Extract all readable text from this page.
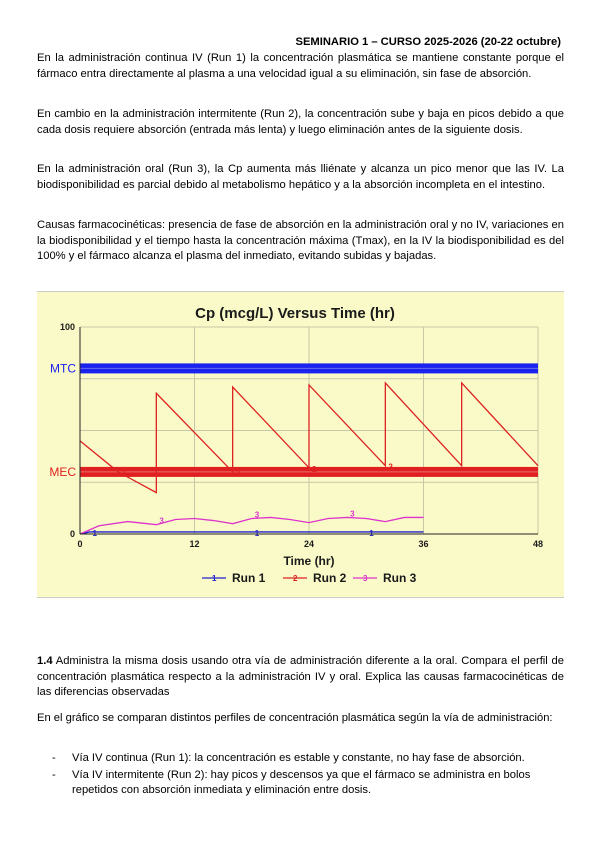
SEMINARIO 1 – CURSO 2025-2026 (20-22 octubre)

En la administración continua IV (Run 1) la concentración plasmática se mantiene constante porque el fármaco entra directamente al plasma a una velocidad igual a su eliminación, sin fase de absorción.

En cambio en la administración intermitente (Run 2), la concentración sube y baja en picos debido a que cada dosis requiere absorción (entrada más lenta) y luego eliminación antes de la siguiente dosis.

En la administración oral (Run 3), la Cp aumenta más lliénate y alcanza un pico menor que las IV. La biodisponibilidad es parcial debido al metabolismo hepático y a la absorción incompleta en el intestino.

Causas farmacocinéticas: presencia de fase de absorción en la administración oral y no IV, variaciones en la biodisponibilidad y el tiempo hasta la concentración máxima (Tmax), en la IV la biodisponibilidad es del 100% y el fármaco alcanza el plasma del inmediato, evitando subidas y bajadas.

Cp (mcg/L) Versus Time (hr)
MTC
MEC
1	1	1
2	2	2	2
3
3	3
0	12	24	36	48
0
100
Time (hr)
1 Run 1	2 Run 2 3 Run 3

1.4 Administra la misma dosis usando otra vía de administración diferente a la oral. Compara el perfil de concentración plasmática respecto a la administración IV y oral. Explica las causas farmacocinéticas de las diferencias observadas

En el gráfico se comparan distintos perfiles de concentración plasmática según la vía de administración:

- Vía IV continua (Run 1): la concentración es estable y constante, no hay fase de absorción.
- Vía IV intermitente (Run 2): hay picos y descensos ya que el fármaco se administra en bolos repetidos con absorción inmediata y eliminación entre dosis.
